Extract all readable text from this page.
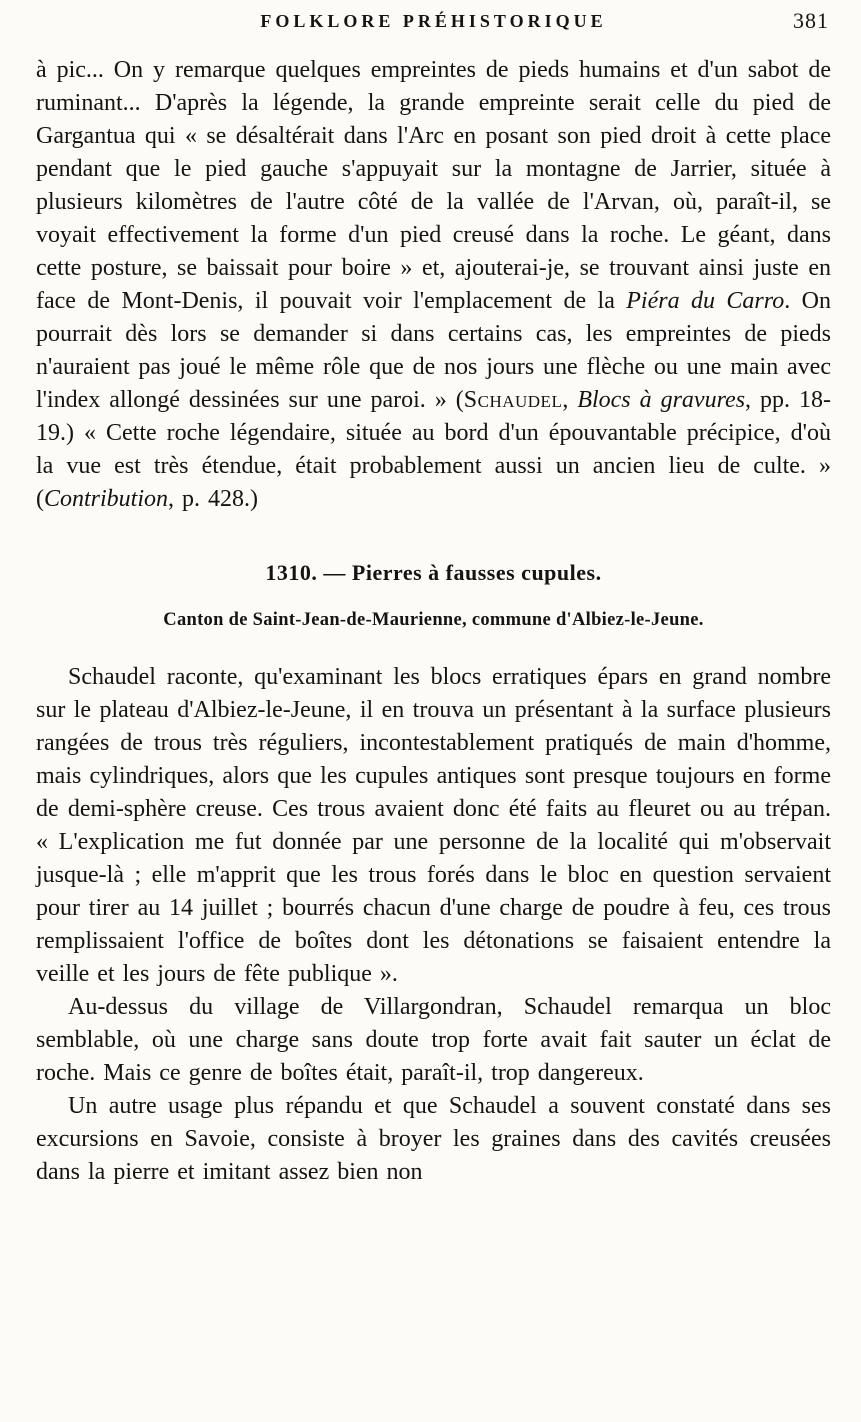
FOLKLORE PRÉHISTORIQUE	381

à pic... On y remarque quelques empreintes de pieds humains et d'un sabot de ruminant... D'après la légende, la grande empreinte serait celle du pied de Gargantua qui « se désaltérait dans l'Arc en posant son pied droit à cette place pendant que le pied gauche s'appuyait sur la montagne de Jarrier, située à plusieurs kilomètres de l'autre côté de la vallée de l'Arvan, où, paraît-il, se voyait effectivement la forme d'un pied creusé dans la roche. Le géant, dans cette posture, se baissait pour boire » et, ajouterai-je, se trouvant ainsi juste en face de Mont-Denis, il pouvait voir l'emplacement de la Piéra du Carro. On pourrait dès lors se demander si dans certains cas, les empreintes de pieds n'auraient pas joué le même rôle que de nos jours une flèche ou une main avec l'index allongé dessinées sur une paroi. » (Schaudel, Blocs à gravures, pp. 18-19.) « Cette roche légendaire, située au bord d'un épouvantable précipice, d'où la vue est très étendue, était probablement aussi un ancien lieu de culte. » (Contribution, p. 428.)

1310. — Pierres à fausses cupules.
Canton de Saint-Jean-de-Maurienne, commune d'Albiez-le-Jeune.

Schaudel raconte, qu'examinant les blocs erratiques épars en grand nombre sur le plateau d'Albiez-le-Jeune, il en trouva un présentant à la surface plusieurs rangées de trous très réguliers, incontestablement pratiqués de main d'homme, mais cylindriques, alors que les cupules antiques sont presque toujours en forme de demi-sphère creuse. Ces trous avaient donc été faits au fleuret ou au trépan. « L'explication me fut donnée par une personne de la localité qui m'observait jusque-là ; elle m'apprit que les trous forés dans le bloc en question servaient pour tirer au 14 juillet ; bourrés chacun d'une charge de poudre à feu, ces trous remplissaient l'office de boîtes dont les détonations se faisaient entendre la veille et les jours de fête publique ».

Au-dessus du village de Villargondran, Schaudel remarqua un bloc semblable, où une charge sans doute trop forte avait fait sauter un éclat de roche. Mais ce genre de boîtes était, paraît-il, trop dangereux.

Un autre usage plus répandu et que Schaudel a souvent constaté dans ses excursions en Savoie, consiste à broyer les graines dans des cavités creusées dans la pierre et imitant assez bien non
